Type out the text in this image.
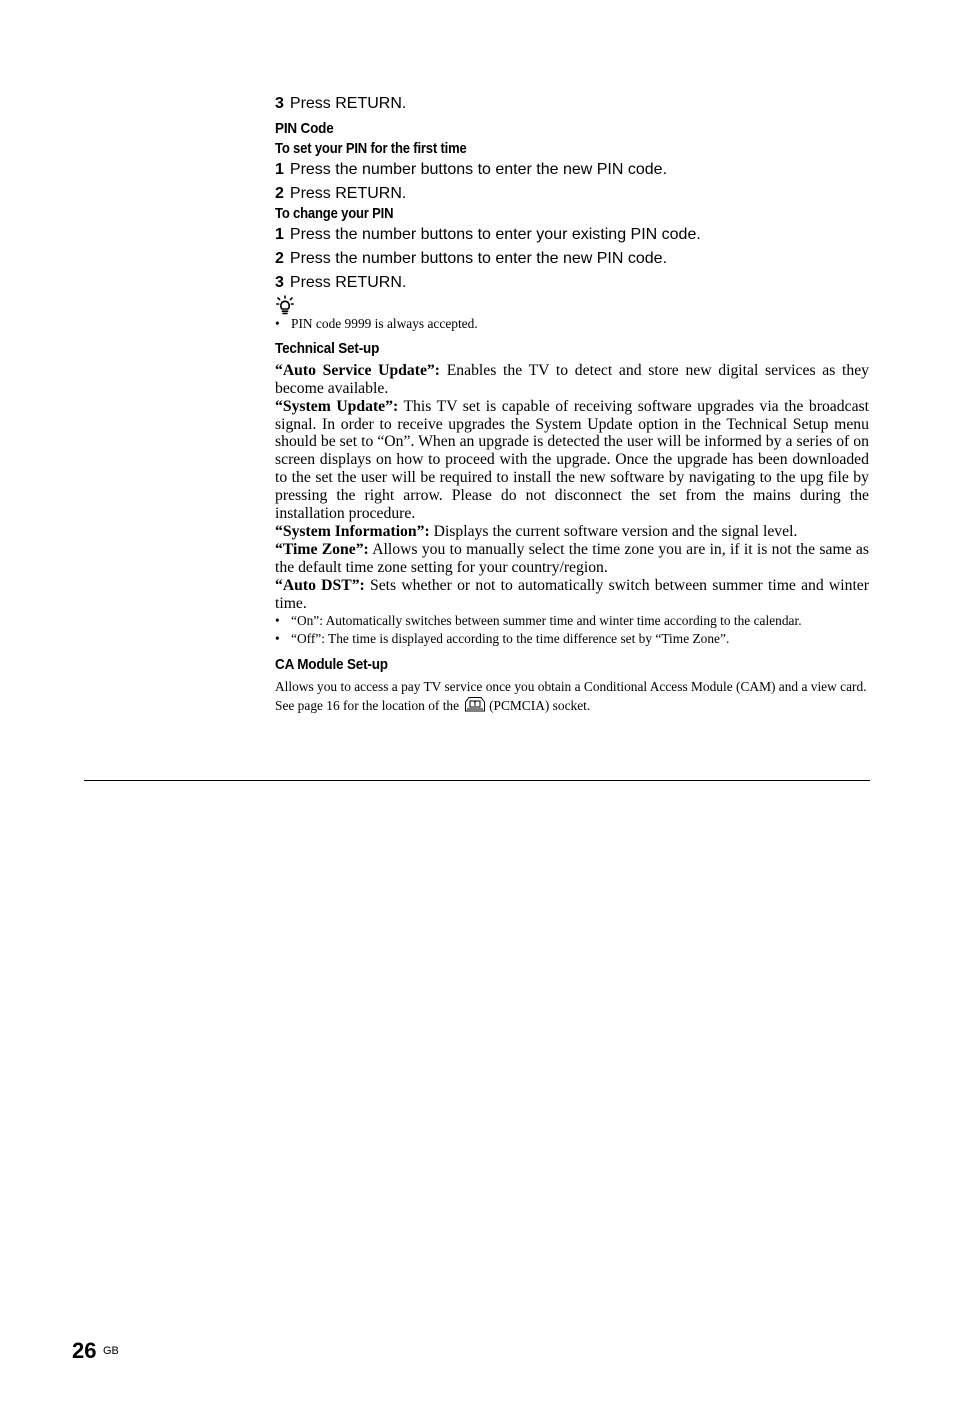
3 Press RETURN.
PIN Code
To set your PIN for the first time
1 Press the number buttons to enter the new PIN code.
2 Press RETURN.
To change your PIN
1 Press the number buttons to enter your existing PIN code.
2 Press the number buttons to enter the new PIN code.
3 Press RETURN.
• PIN code 9999 is always accepted.
Technical Set-up
“Auto Service Update”: Enables the TV to detect and store new digital services as they become available.
“System Update”: This TV set is capable of receiving software upgrades via the broadcast signal. In order to receive upgrades the System Update option in the Technical Setup menu should be set to “On”. When an upgrade is detected the user will be informed by a series of on screen displays on how to proceed with the upgrade. Once the upgrade has been downloaded to the set the user will be required to install the new software by navigating to the upg file by pressing the right arrow. Please do not disconnect the set from the mains during the installation procedure.
“System Information”: Displays the current software version and the signal level.
“Time Zone”: Allows you to manually select the time zone you are in, if it is not the same as the default time zone setting for your country/region.
“Auto DST”: Sets whether or not to automatically switch between summer time and winter time.
• “On”: Automatically switches between summer time and winter time according to the calendar.
• “Off”: The time is displayed according to the time difference set by “Time Zone”.
CA Module Set-up
Allows you to access a pay TV service once you obtain a Conditional Access Module (CAM) and a view card. See page 16 for the location of the (PCMCIA) socket.
26 GB
